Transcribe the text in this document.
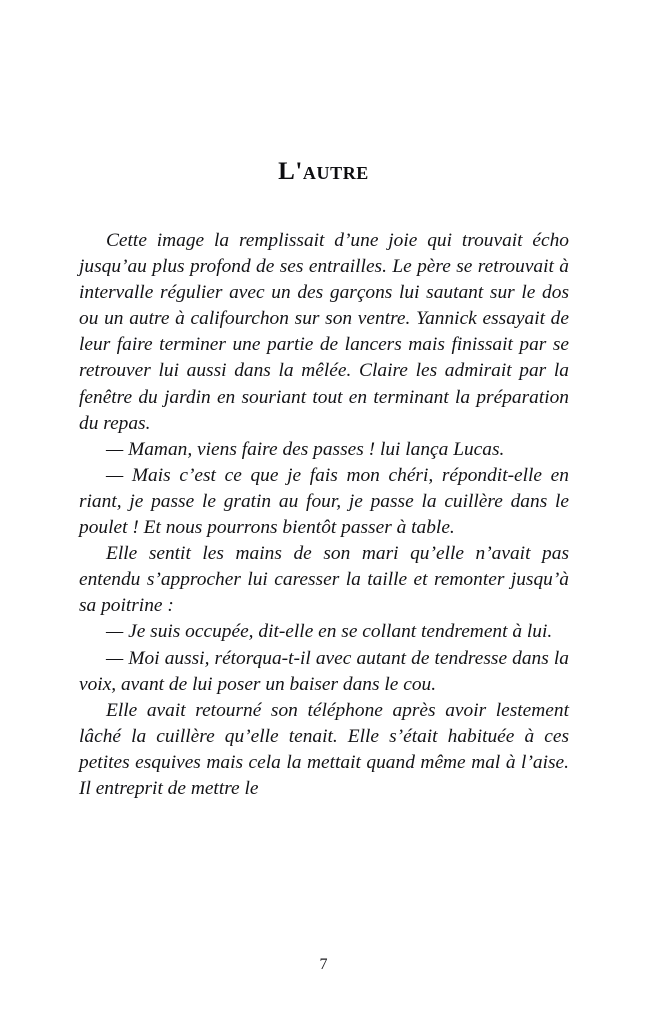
L'autre

Cette image la remplissait d’une joie qui trouvait écho jusqu’au plus profond de ses entrailles. Le père se retrouvait à intervalle régulier avec un des garçons lui sautant sur le dos ou un autre à califourchon sur son ventre. Yannick essayait de leur faire terminer une partie de lancers mais finissait par se retrouver lui aussi dans la mêlée. Claire les admirait par la fenêtre du jardin en souriant tout en terminant la préparation du repas.

— Maman, viens faire des passes ! lui lança Lucas.

— Mais c’est ce que je fais mon chéri, répondit-elle en riant, je passe le gratin au four, je passe la cuillère dans le poulet ! Et nous pourrons bientôt passer à table.

Elle sentit les mains de son mari qu’elle n’avait pas entendu s’approcher lui caresser la taille et remonter jusqu’à sa poitrine :

— Je suis occupée, dit-elle en se collant tendrement à lui.

— Moi aussi, rétorqua-t-il avec autant de tendresse dans la voix, avant de lui poser un baiser dans le cou.

Elle avait retourné son téléphone après avoir lestement lâché la cuillère qu’elle tenait. Elle s’était habituée à ces petites esquives mais cela la mettait quand même mal à l’aise. Il entreprit de mettre le

7
